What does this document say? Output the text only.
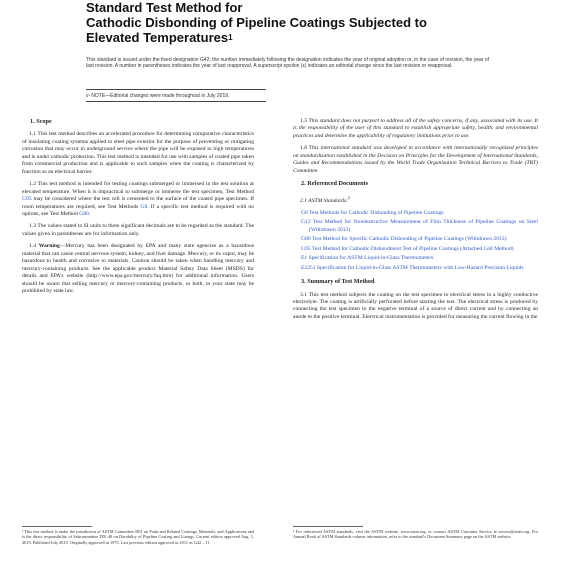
Standard Test Method for
Cathodic Disbonding of Pipeline Coatings Subjected to
Elevated Temperatures$^1$
This standard is issued under the fixed designation G42; the number immediately following the designation indicates the year of original adoption or, in the case of revision, the year of last revision. A number in parentheses indicates the year of last reapproval. A superscript epsilon (ε) indicates an editorial change since the last revision or reapproval.
ε¹ NOTE—Editorial changes were made throughout in July 2019.
1. Scope

1.1 This test method describes an accelerated procedure for determining comparative characteristics of insulating coating systems applied to steel pipe exterior for the purpose of preventing or mitigating corrosion that may occur in underground service where the pipe will be exposed to high temperatures and is under cathodic protection. This test method is intended for use with samples of coated pipe taken from commercial production and is applicable to such samples when the coating is characterized by function as an electrical barrier.

1.2 This test method is intended for testing coatings submerged or immersed in the test solution at elevated temperature. When it is impractical to submerge or immerse the test specimen, Test Method G95 may be considered where the test cell is cemented to the surface of the coated pipe specimen. If room temperatures are required, see Test Methods G8. If a specific test method is required with no options, see Test Method G80.

1.3 The values stated in SI units to three significant decimals are to be regarded as the standard. The values given in parentheses are for information only.

1.4 Warning—Mercury has been designated by EPA and many state agencies as a hazardous material that can cause central nervous system, kidney, and liver damage. Mercury, or its vapor, may be hazardous to health and corrosive to materials. Caution should be taken when handling mercury and mercury-containing products. See the applicable product Material Safety Data Sheet (MSDS) for details and EPA's website (http://www.epa.gov/mercury/faq.htm) for additional information. Users should be aware that selling mercury or mercury-containing products, or both, in your state may be prohibited by state law.

1.5 This standard does not purport to address all of the safety concerns, if any, associated with its use. It is the responsibility of the user of this standard to establish appropriate safety, health, and environmental practices and determine the applicability of regulatory limitations prior to use.

1.6 This international standard was developed in accordance with internationally recognized principles on standardization established in the Decision on Principles for the Development of International Standards, Guides and Recommendations issued by the World Trade Organization Technical Barriers to Trade (TBT) Committee.

2. Referenced Documents

2.1 ASTM Standards:$^2$

G8 Test Methods for Cathodic Disbonding of Pipeline Coatings
G12 Test Method for Nondestructive Measurement of Film Thickness of Pipeline Coatings on Steel (Withdrawn 2013)
G80 Test Method for Specific Cathodic Disbonding of Pipeline Coatings (Withdrawn 2013)
G95 Test Method for Cathodic Disbondment Test of Pipeline Coatings (Attached Cell Method)
E1 Specification for ASTM Liquid-in-Glass Thermometers
E2251 Specification for Liquid-in-Glass ASTM Thermometers with Low-Hazard Precision Liquids
3. Summary of Test Method

3.1 This test method subjects the coating on the test specimen to electrical stress in a highly conductive electrolyte. The coating is artificially perforated before starting the test. The electrical stress is produced by connecting the test specimen to the negative terminal of a source of direct current and by connecting an anode to the positive terminal. Electrical instrumentation is provided for measuring the current flowing in the

¹ This test method is under the jurisdiction of ASTM Committee D01 on Paint and Related Coatings, Materials, and Applications and is the direct responsibility of Subcommittee D01.48 on Durability of Pipeline Coating and Linings. Current edition approved Aug. 1, 2019. Published July 2019. Originally approved in 1975. Last previous edition approved in 2011 as G42 – 11.
² For referenced ASTM standards, visit the ASTM website, www.astm.org, or contact ASTM Customer Service at service@astm.org. For Annual Book of ASTM Standards volume information, refer to the standard's Document Summary page on the ASTM website.
